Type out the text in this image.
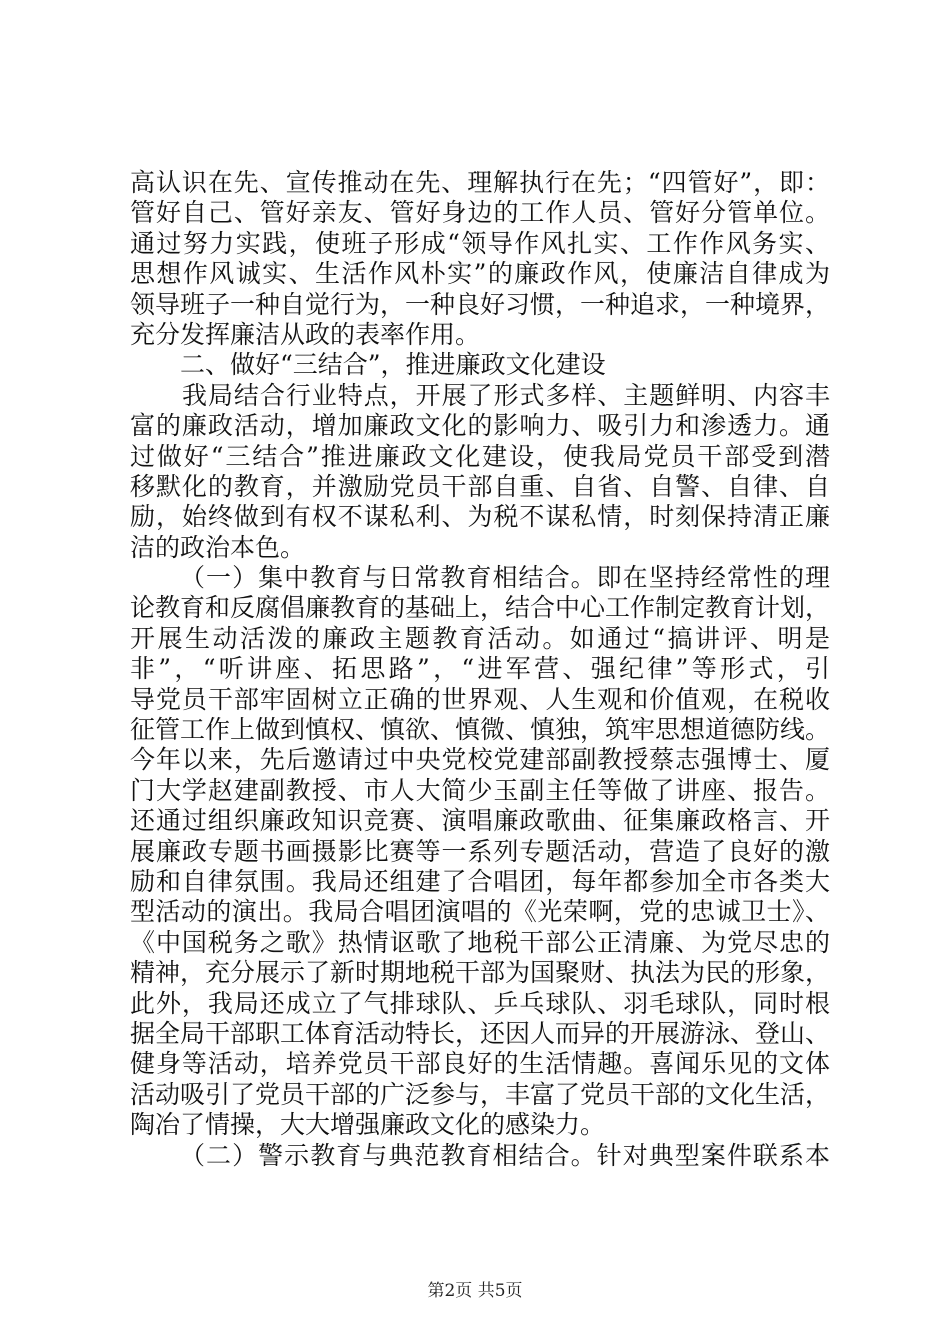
高认识在先、宣传推动在先、理解执行在先；“四管好”，即：
管好自己、管好亲友、管好身边的工作人员、管好分管单位。
通过努力实践，使班子形成“领导作风扎实、工作作风务实、
思想作风诚实、生活作风朴实”的廉政作风，使廉洁自律成为
领导班子一种自觉行为，一种良好习惯，一种追求，一种境界，
充分发挥廉洁从政的表率作用。
二、做好“三结合”，推进廉政文化建设
我局结合行业特点，开展了形式多样、主题鲜明、内容丰
富的廉政活动，增加廉政文化的影响力、吸引力和渗透力。通
过做好“三结合”推进廉政文化建设，使我局党员干部受到潜
移默化的教育，并激励党员干部自重、自省、自警、自律、自
励，始终做到有权不谋私利、为税不谋私情，时刻保持清正廉
洁的政治本色。
（一）集中教育与日常教育相结合。即在坚持经常性的理
论教育和反腐倡廉教育的基础上，结合中心工作制定教育计划，
开展生动活泼的廉政主题教育活动。如通过“搞讲评、明是
非”，“听讲座、拓思路”，“进军营、强纪律”等形式，引
导党员干部牢固树立正确的世界观、人生观和价值观，在税收
征管工作上做到慎权、慎欲、慎微、慎独，筑牢思想道德防线。
今年以来，先后邀请过中央党校党建部副教授蔡志强博士、厦
门大学赵建副教授、市人大简少玉副主任等做了讲座、报告。
还通过组织廉政知识竞赛、演唱廉政歌曲、征集廉政格言、开
展廉政专题书画摄影比赛等一系列专题活动，营造了良好的激
励和自律氛围。我局还组建了合唱团，每年都参加全市各类大
型活动的演出。我局合唱团演唱的《光荣啊，党的忠诚卫士》、
《中国税务之歌》热情讴歌了地税干部公正清廉、为党尽忠的
精神，充分展示了新时期地税干部为国聚财、执法为民的形象，
此外，我局还成立了气排球队、乒乓球队、羽毛球队，同时根
据全局干部职工体育活动特长，还因人而异的开展游泳、登山、
健身等活动，培养党员干部良好的生活情趣。喜闻乐见的文体
活动吸引了党员干部的广泛参与，丰富了党员干部的文化生活，
陶冶了情操，大大增强廉政文化的感染力。
（二）警示教育与典范教育相结合。针对典型案件联系本
第2页 共5页
